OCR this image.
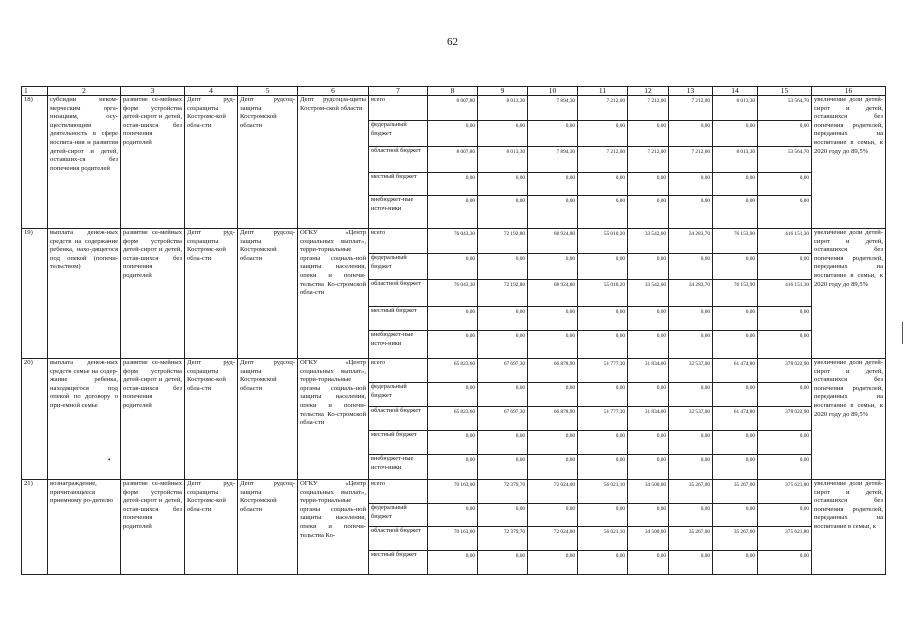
62
1	2	3	4	5	6	7	8	9	10	11	12	13	14	15	16
18)	субсидии неком-мерческим орга-низациям, осу-ществляющим деятельность в сфере воспита-ния и развития детей-сирот и детей, оставших-ся без попечения родителей	развитие се-мейных форм устройства детей-сирот и детей, остав-шихся без попечения родителей	Депт руд-соцзащиты Костромс-кой обла-сти	Депт рудсоц-защиты Костромской области	Депт рудсоцза-щиты Костром-ской области	всего	8 007,80	8 013,30	7 894,30	7 212,00	7 212,00	7 212,00	8 013,30	53 564,70	увеличение доли детей-сирот и детей, оставшихся без попечения родителей, переданных на воспитание в семьи, к 2020 году до 89,5%
						федеральный бюджет	0,00	0,00	0,00	0,00	0,00	0,00	0,00	0,00	
						областной бюджет	8 007,80	8 013,30	7 894,30	7 212,00	7 212,00	7 212,00	8 013,30	53 564,70	
						местный бюджет	0,00	0,00	0,00	0,00	0,00	0,00	0,00	0,00	
						внебюджет-ные источ-ники	0,00	0,00	0,00	0,00	0,00	0,00	0,00	0,00	
19)	выплата денеж-ных средств на содержание ребенка, нахо-дящегося под опекой (попечи-тельством)	развитие се-мейных форм устройства детей-сирот и детей, остав-шихся без попечения родителей	Депт руд-соцзащиты Костромс-кой обла-сти	Депт рудсоц-защиты Костромской области	ОГКУ «Центр социальных выплат», терри-ториальные органы социаль-ной защиты населения, опеки и попечи-тельства Ко-стромской обла-сти	всего	76 043,30	72 192,80	68 924,80	55 010,20	33 542,60	34 283,70	76 153,90	416 151,30	увеличение доли детей-сирот и детей, оставшихся без попечения родителей, переданных на воспитание в семьи, к 2020 году до 89,5%
						федеральный бюджет	0,00	0,00	0,00	0,00	0,00	0,00	0,00	0,00	
						областной бюджет	76 043,30	72 192,80	68 924,80	55 010,20	33 542,60	34 283,70	76 153,90	416 151,30	
						местный бюджет	0,00	0,00	0,00	0,00	0,00	0,00	0,00	0,00	
						внебюджет-ные источ-ники	0,00	0,00	0,00	0,00	0,00	0,00	0,00	0,00	
20)	выплата денеж-ных средств семье на содер-жание ребенка, находящегося под опекой по договору о при-емной семье	развитие се-мейных форм устройства детей-сирот и детей, остав-шихся без попечения родителей	Депт руд-соцзащиты Костромс-кой обла-сти	Депт рудсоц-защиты Костромской области	ОГКУ «Центр социальных выплат», терри-ториальные органы социаль-ной защиты населения, опеки и попечи-тельства Ко-стромской обла-сти	всего	65 823,60	67 697,30	66 878,90	51 777,30	31 834,00	32 537,00	61 474,80	378 022,90	увеличение доли детей-сирот и детей, оставшихся без попечения родителей, переданных на воспитание в семьи, к 2020 году до 89,5%
						федеральный бюджет	0,00	0,00	0,00	0,00	0,00	0,00	0,00	0,00	
						областной бюджет	65 823,60	67 697,30	66 878,90	51 777,30	31 834,00	32 537,00	61 474,80	378 022,90	
						местный бюджет	0,00	0,00	0,00	0,00	0,00	0,00	0,00	0,00	
						внебюджет-ные источ-ники	0,00	0,00	0,00	0,00	0,00	0,00	0,00	0,00	
21)	вознаграждение, причитающееся приемному ро-дителю	развитие се-мейных форм устройства детей-сирот и детей, остав-шихся без попечения родителей	Депт руд-соцзащиты Костромс-кой обла-сти	Депт рудсоц-защиты Костромской области	ОГКУ «Центр социальных выплат», терри-ториальные органы социаль-ной защиты населения, опеки и попечи-тельства Ко-	всего	70 163,00	72 379,70	72 024,00	56 021,10	34 500,00	35 267,00	35 267,00	375 621,80	увеличение доли детей-сирот и детей, оставшихся без попечения родителей, переданных на воспитание в семьи, к
						федеральный бюджет	0,00	0,00	0,00	0,00	0,00	0,00	0,00	0,00	
						областной бюджет	70 163,00	72 379,70	72 024,00	56 021,10	34 500,00	35 267,00	35 267,00	375 621,80	
						местный бюджет	0,00	0,00	0,00	0,00	0,00	0,00	0,00	0,00	
•
